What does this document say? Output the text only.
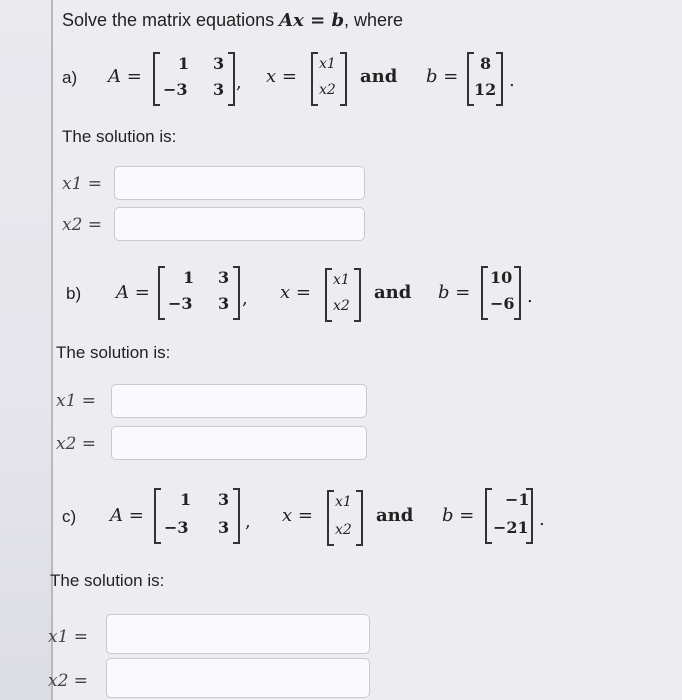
Solve the matrix equations Ax = b, where
a) A =
1 3
−3 3 , x =
x1
x2
and b =
8
12 .
The solution is:
x1 =
x2 =
b) A =
1 3
−3 3 , x =
x1
x2
and b =
10
−6 .
The solution is:
x1 =
x2 =
c) A =
1 3
−3 3 , x =
x1
x2
and b =
−1
−21 .
The solution is:
x1 =
x2 =
